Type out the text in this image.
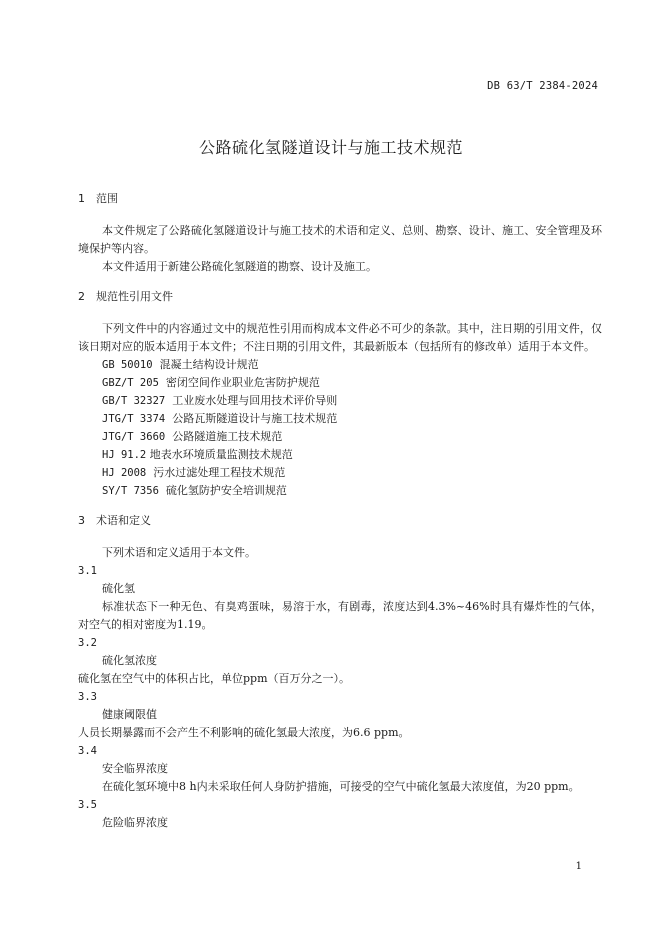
DB 63/T 2384-2024
公路硫化氢隧道设计与施工技术规范
1 范围

本文件规定了公路硫化氢隧道设计与施工技术的术语和定义、总则、勘察、设计、施工、安全管理及环境保护等内容。

本文件适用于新建公路硫化氢隧道的勘察、设计及施工。

2 规范性引用文件

下列文件中的内容通过文中的规范性引用而构成本文件必不可少的条款。其中，注日期的引用文件，仅该日期对应的版本适用于本文件；不注日期的引用文件，其最新版本（包括所有的修改单）适用于本文件。

GB 50010 混凝土结构设计规范
GBZ/T 205 密闭空间作业职业危害防护规范
GB/T 32327 工业废水处理与回用技术评价导则
JTG/T 3374 公路瓦斯隧道设计与施工技术规范
JTG/T 3660 公路隧道施工技术规范
HJ 91.2 地表水环境质量监测技术规范
HJ 2008 污水过滤处理工程技术规范
SY/T 7356 硫化氢防护安全培训规范
3 术语和定义

下列术语和定义适用于本文件。

3.1
硫化氢

标准状态下一种无色、有臭鸡蛋味，易溶于水，有剧毒，浓度达到4.3%~46%时具有爆炸性的气体，对空气的相对密度为1.19。

3.2
硫化氢浓度

硫化氢在空气中的体积占比，单位ppm（百万分之一）。

3.3
健康阈限值

人员长期暴露而不会产生不利影响的硫化氢最大浓度，为6.6 ppm。

3.4
安全临界浓度

在硫化氢环境中8 h内未采取任何人身防护措施，可接受的空气中硫化氢最大浓度值，为20 ppm。

3.5
危险临界浓度
1
